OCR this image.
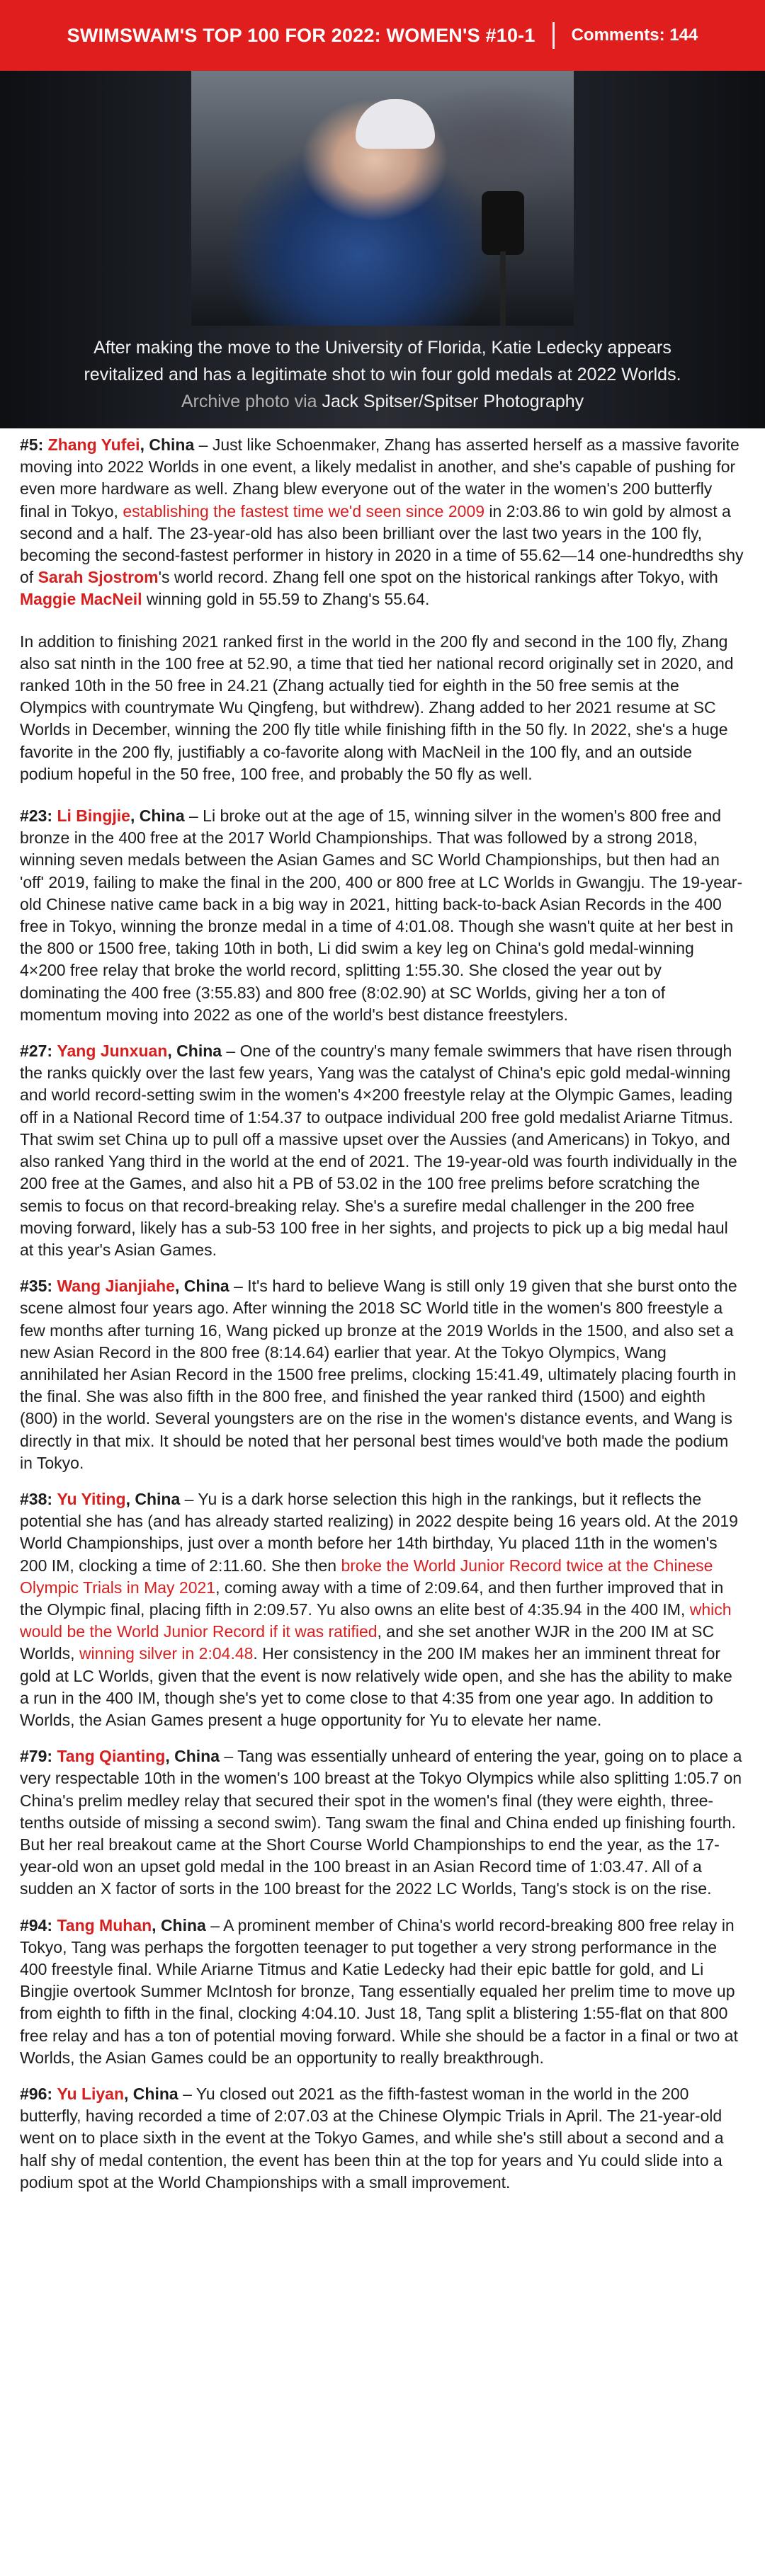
SWIMSWAM'S TOP 100 FOR 2022: WOMEN'S #10-1 Comments: 144
After making the move to the University of Florida, Katie Ledecky appears revitalized and has a legitimate shot to win four gold medals at 2022 Worlds. Archive photo via Jack Spitser/Spitser Photography

#5: Zhang Yufei, China – Just like Schoenmaker, Zhang has asserted herself as a massive favorite moving into 2022 Worlds in one event, a likely medalist in another, and she's capable of pushing for even more hardware as well. Zhang blew everyone out of the water in the women's 200 butterfly final in Tokyo, establishing the fastest time we'd seen since 2009 in 2:03.86 to win gold by almost a second and a half. The 23-year-old has also been brilliant over the last two years in the 100 fly, becoming the second-fastest performer in history in 2020 in a time of 55.62—14 one-hundredths shy of Sarah Sjostrom's world record. Zhang fell one spot on the historical rankings after Tokyo, with Maggie MacNeil winning gold in 55.59 to Zhang's 55.64.

In addition to finishing 2021 ranked first in the world in the 200 fly and second in the 100 fly, Zhang also sat ninth in the 100 free at 52.90, a time that tied her national record originally set in 2020, and ranked 10th in the 50 free in 24.21 (Zhang actually tied for eighth in the 50 free semis at the Olympics with countrymate Wu Qingfeng, but withdrew). Zhang added to her 2021 resume at SC Worlds in December, winning the 200 fly title while finishing fifth in the 50 fly. In 2022, she's a huge favorite in the 200 fly, justifiably a co-favorite along with MacNeil in the 100 fly, and an outside podium hopeful in the 50 free, 100 free, and probably the 50 fly as well.

#23: Li Bingjie, China – Li broke out at the age of 15, winning silver in the women's 800 free and bronze in the 400 free at the 2017 World Championships. That was followed by a strong 2018, winning seven medals between the Asian Games and SC World Championships, but then had an 'off' 2019, failing to make the final in the 200, 400 or 800 free at LC Worlds in Gwangju. The 19-year-old Chinese native came back in a big way in 2021, hitting back-to-back Asian Records in the 400 free in Tokyo, winning the bronze medal in a time of 4:01.08. Though she wasn't quite at her best in the 800 or 1500 free, taking 10th in both, Li did swim a key leg on China's gold medal-winning 4×200 free relay that broke the world record, splitting 1:55.30. She closed the year out by dominating the 400 free (3:55.83) and 800 free (8:02.90) at SC Worlds, giving her a ton of momentum moving into 2022 as one of the world's best distance freestylers.

#27: Yang Junxuan, China – One of the country's many female swimmers that have risen through the ranks quickly over the last few years, Yang was the catalyst of China's epic gold medal-winning and world record-setting swim in the women's 4×200 freestyle relay at the Olympic Games, leading off in a National Record time of 1:54.37 to outpace individual 200 free gold medalist Ariarne Titmus. That swim set China up to pull off a massive upset over the Aussies (and Americans) in Tokyo, and also ranked Yang third in the world at the end of 2021. The 19-year-old was fourth individually in the 200 free at the Games, and also hit a PB of 53.02 in the 100 free prelims before scratching the semis to focus on that record-breaking relay. She's a surefire medal challenger in the 200 free moving forward, likely has a sub-53 100 free in her sights, and projects to pick up a big medal haul at this year's Asian Games.

#35: Wang Jianjiahe, China – It's hard to believe Wang is still only 19 given that she burst onto the scene almost four years ago. After winning the 2018 SC World title in the women's 800 freestyle a few months after turning 16, Wang picked up bronze at the 2019 Worlds in the 1500, and also set a new Asian Record in the 800 free (8:14.64) earlier that year. At the Tokyo Olympics, Wang annihilated her Asian Record in the 1500 free prelims, clocking 15:41.49, ultimately placing fourth in the final. She was also fifth in the 800 free, and finished the year ranked third (1500) and eighth (800) in the world. Several youngsters are on the rise in the women's distance events, and Wang is directly in that mix. It should be noted that her personal best times would've both made the podium in Tokyo.

#38: Yu Yiting, China – Yu is a dark horse selection this high in the rankings, but it reflects the potential she has (and has already started realizing) in 2022 despite being 16 years old. At the 2019 World Championships, just over a month before her 14th birthday, Yu placed 11th in the women's 200 IM, clocking a time of 2:11.60. She then broke the World Junior Record twice at the Chinese Olympic Trials in May 2021, coming away with a time of 2:09.64, and then further improved that in the Olympic final, placing fifth in 2:09.57. Yu also owns an elite best of 4:35.94 in the 400 IM, which would be the World Junior Record if it was ratified, and she set another WJR in the 200 IM at SC Worlds, winning silver in 2:04.48. Her consistency in the 200 IM makes her an imminent threat for gold at LC Worlds, given that the event is now relatively wide open, and she has the ability to make a run in the 400 IM, though she's yet to come close to that 4:35 from one year ago. In addition to Worlds, the Asian Games present a huge opportunity for Yu to elevate her name.

#79: Tang Qianting, China – Tang was essentially unheard of entering the year, going on to place a very respectable 10th in the women's 100 breast at the Tokyo Olympics while also splitting 1:05.7 on China's prelim medley relay that secured their spot in the women's final (they were eighth, three-tenths outside of missing a second swim). Tang swam the final and China ended up finishing fourth. But her real breakout came at the Short Course World Championships to end the year, as the 17-year-old won an upset gold medal in the 100 breast in an Asian Record time of 1:03.47. All of a sudden an X factor of sorts in the 100 breast for the 2022 LC Worlds, Tang's stock is on the rise.

#94: Tang Muhan, China – A prominent member of China's world record-breaking 800 free relay in Tokyo, Tang was perhaps the forgotten teenager to put together a very strong performance in the 400 freestyle final. While Ariarne Titmus and Katie Ledecky had their epic battle for gold, and Li Bingjie overtook Summer McIntosh for bronze, Tang essentially equaled her prelim time to move up from eighth to fifth in the final, clocking 4:04.10. Just 18, Tang split a blistering 1:55-flat on that 800 free relay and has a ton of potential moving forward. While she should be a factor in a final or two at Worlds, the Asian Games could be an opportunity to really breakthrough.

#96: Yu Liyan, China – Yu closed out 2021 as the fifth-fastest woman in the world in the 200 butterfly, having recorded a time of 2:07.03 at the Chinese Olympic Trials in April. The 21-year-old went on to place sixth in the event at the Tokyo Games, and while she's still about a second and a half shy of medal contention, the event has been thin at the top for years and Yu could slide into a podium spot at the World Championships with a small improvement.
